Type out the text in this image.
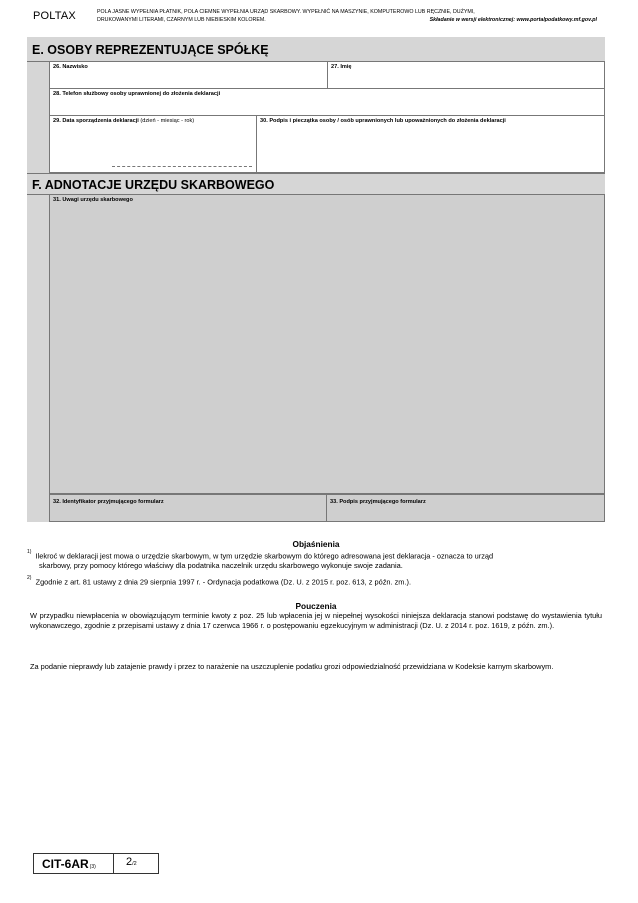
POLTAX	POLA JASNE WYPEŁNIA PŁATNIK, POLA CIEMNE WYPEŁNIA URZĄD SKARBOWY. WYPEŁNIĆ NA MASZYNIE, KOMPUTEROWO LUB RĘCZNIE, DUŻYMI,
DRUKOWANYMI LITERAMI, CZARNYM LUB NIEBIESKIM KOLOREM.	Składanie w wersji elektronicznej: www.portalpodatkowy.mf.gov.pl
E. OSOBY REPREZENTUJĄCE SPÓŁKĘ
26. Nazwisko	27. Imię
28. Telefon służbowy osoby uprawnionej do złożenia deklaracji
29. Data sporządzenia deklaracji (dzień - miesiąc - rok)	30. Podpis i pieczątka osoby / osób uprawnionych lub upoważnionych do złożenia deklaracji
F. ADNOTACJE URZĘDU SKARBOWEGO
31. Uwagi urzędu skarbowego
32. Identyfikator przyjmującego formularz	33. Podpis przyjmującego formularz
Objaśnienia
$^{1)}$ Ilekroć w deklaracji jest mowa o urzędzie skarbowym, w tym urzędzie skarbowym do którego adresowana jest deklaracja - oznacza to urząd
skarbowy, przy pomocy którego właściwy dla podatnika naczelnik urzędu skarbowego wykonuje swoje zadania.
$^{2)}$ Zgodnie z art. 81 ustawy z dnia 29 sierpnia 1997 r. - Ordynacja podatkowa (Dz. U. z 2015 r. poz. 613, z późn. zm.).
Pouczenia
W przypadku niewpłacenia w obowiązującym terminie kwoty z poz. 25 lub wpłacenia jej w niepełnej wysokości niniejsza deklaracja stanowi podstawę do wystawienia tytułu wykonawczego, zgodnie z przepisami ustawy z dnia 17 czerwca 1966 r. o postępowaniu egzekucyjnym w administracji (Dz. U. z 2014 r. poz. 1619, z późn. zm.).
Za podanie nieprawdy lub zatajenie prawdy i przez to narażenie na uszczuplenie podatku grozi odpowiedzialność przewidziana w Kodeksie karnym skarbowym.
CIT-6AR(3)	2/2
